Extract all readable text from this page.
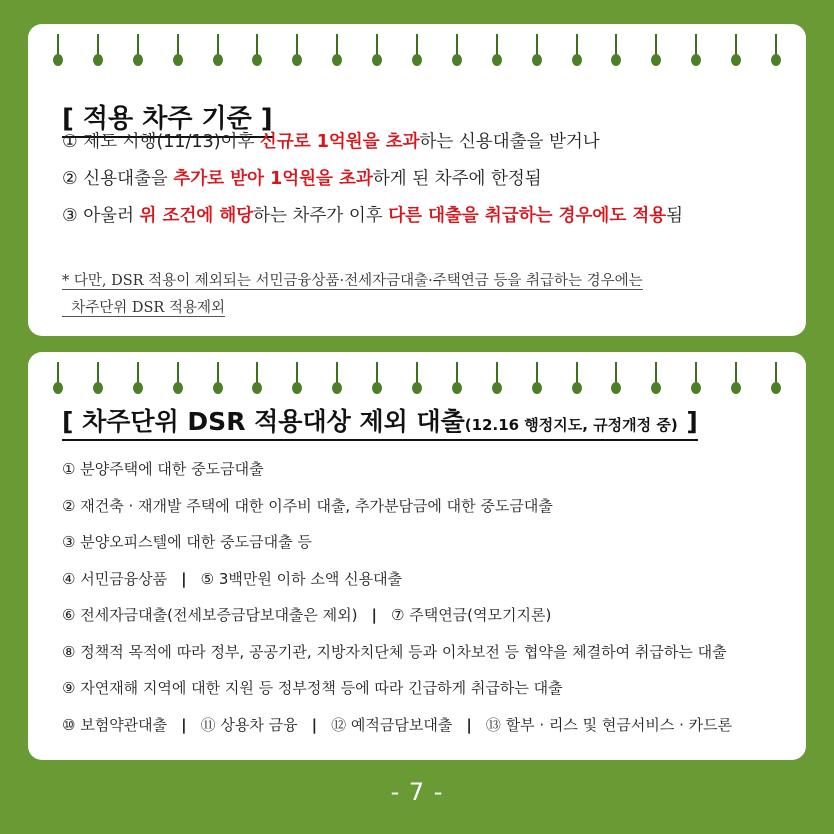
[ 적용 차주 기준 ]
① 제도 시행(11/13)이후 신규로 1억원을 초과하는 신용대출을 받거나
② 신용대출을 추가로 받아 1억원을 초과하게 된 차주에 한정됨
③ 아울러 위 조건에 해당하는 차주가 이후 다른 대출을 취급하는 경우에도 적용됨
* 다만, DSR 적용이 제외되는 서민금융상품·전세자금대출·주택연금 등을 취급하는 경우에는
차주단위 DSR 적용제외
[ 차주단위 DSR 적용대상 제외 대출(12.16 행정지도, 규정개정 중) ]
① 분양주택에 대한 중도금대출
② 재건축 · 재개발 주택에 대한 이주비 대출, 추가분담금에 대한 중도금대출
③ 분양오피스텔에 대한 중도금대출 등
④ 서민금융상품 | ⑤ 3백만원 이하 소액 신용대출
⑥ 전세자금대출(전세보증금담보대출은 제외) | ⑦ 주택연금(역모기지론)
⑧ 정책적 목적에 따라 정부, 공공기관, 지방자치단체 등과 이차보전 등 협약을 체결하여 취급하는 대출
⑨ 자연재해 지역에 대한 지원 등 정부정책 등에 따라 긴급하게 취급하는 대출
⑩ 보험약관대출 | ⑪ 상용차 금융 | ⑫ 예적금담보대출 | ⑬ 할부 · 리스 및 현금서비스 · 카드론
- 7 -
